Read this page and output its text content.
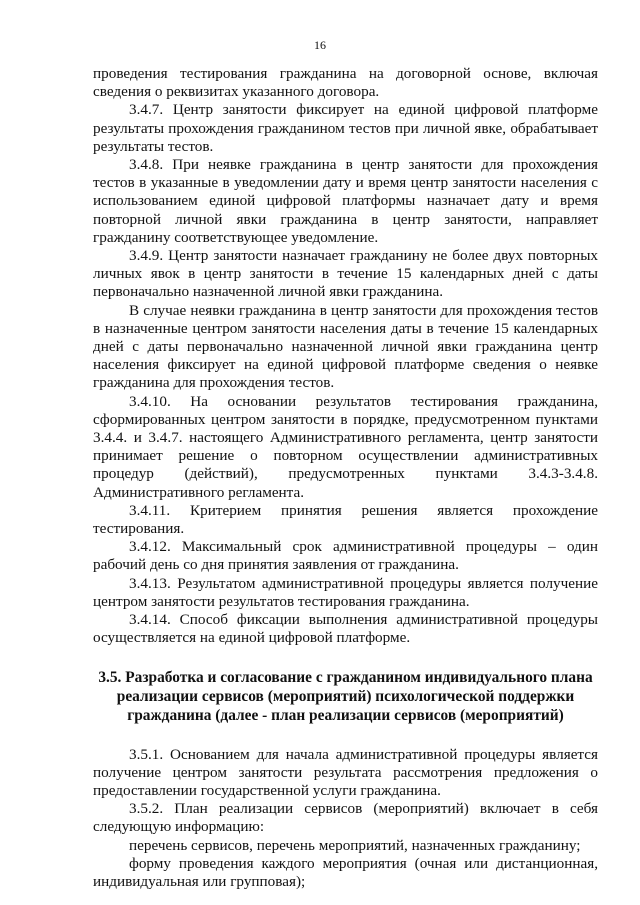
16

проведения тестирования гражданина на договорной основе, включая сведения о реквизитах указанного договора.

3.4.7. Центр занятости фиксирует на единой цифровой платформе результаты прохождения гражданином тестов при личной явке, обрабатывает результаты тестов.

3.4.8. При неявке гражданина в центр занятости для прохождения тестов в указанные в уведомлении дату и время центр занятости населения с использованием единой цифровой платформы назначает дату и время повторной личной явки гражданина в центр занятости, направляет гражданину соответствующее уведомление.

3.4.9. Центр занятости назначает гражданину не более двух повторных личных явок в центр занятости в течение 15 календарных дней с даты первоначально назначенной личной явки гражданина.

В случае неявки гражданина в центр занятости для прохождения тестов в назначенные центром занятости населения даты в течение 15 календарных дней с даты первоначально назначенной личной явки гражданина центр населения фиксирует на единой цифровой платформе сведения о неявке гражданина для прохождения тестов.

3.4.10. На основании результатов тестирования гражданина, сформированных центром занятости в порядке, предусмотренном пунктами 3.4.4. и 3.4.7. настоящего Административного регламента, центр занятости принимает решение о повторном осуществлении административных процедур (действий), предусмотренных пунктами 3.4.3-3.4.8. Административного регламента.

3.4.11. Критерием принятия решения является прохождение тестирования.

3.4.12. Максимальный срок административной процедуры – один рабочий день со дня принятия заявления от гражданина.

3.4.13. Результатом административной процедуры является получение центром занятости результатов тестирования гражданина.

3.4.14. Способ фиксации выполнения административной процедуры осуществляется на единой цифровой платформе.

3.5. Разработка и согласование с гражданином индивидуального плана
реализации сервисов (мероприятий) психологической поддержки
гражданина (далее - план реализации сервисов (мероприятий)

3.5.1. Основанием для начала административной процедуры является получение центром занятости результата рассмотрения предложения о предоставлении государственной услуги гражданина.

3.5.2. План реализации сервисов (мероприятий) включает в себя следующую информацию:

перечень сервисов, перечень мероприятий, назначенных гражданину;

форму проведения каждого мероприятия (очная или дистанционная, индивидуальная или групповая);
